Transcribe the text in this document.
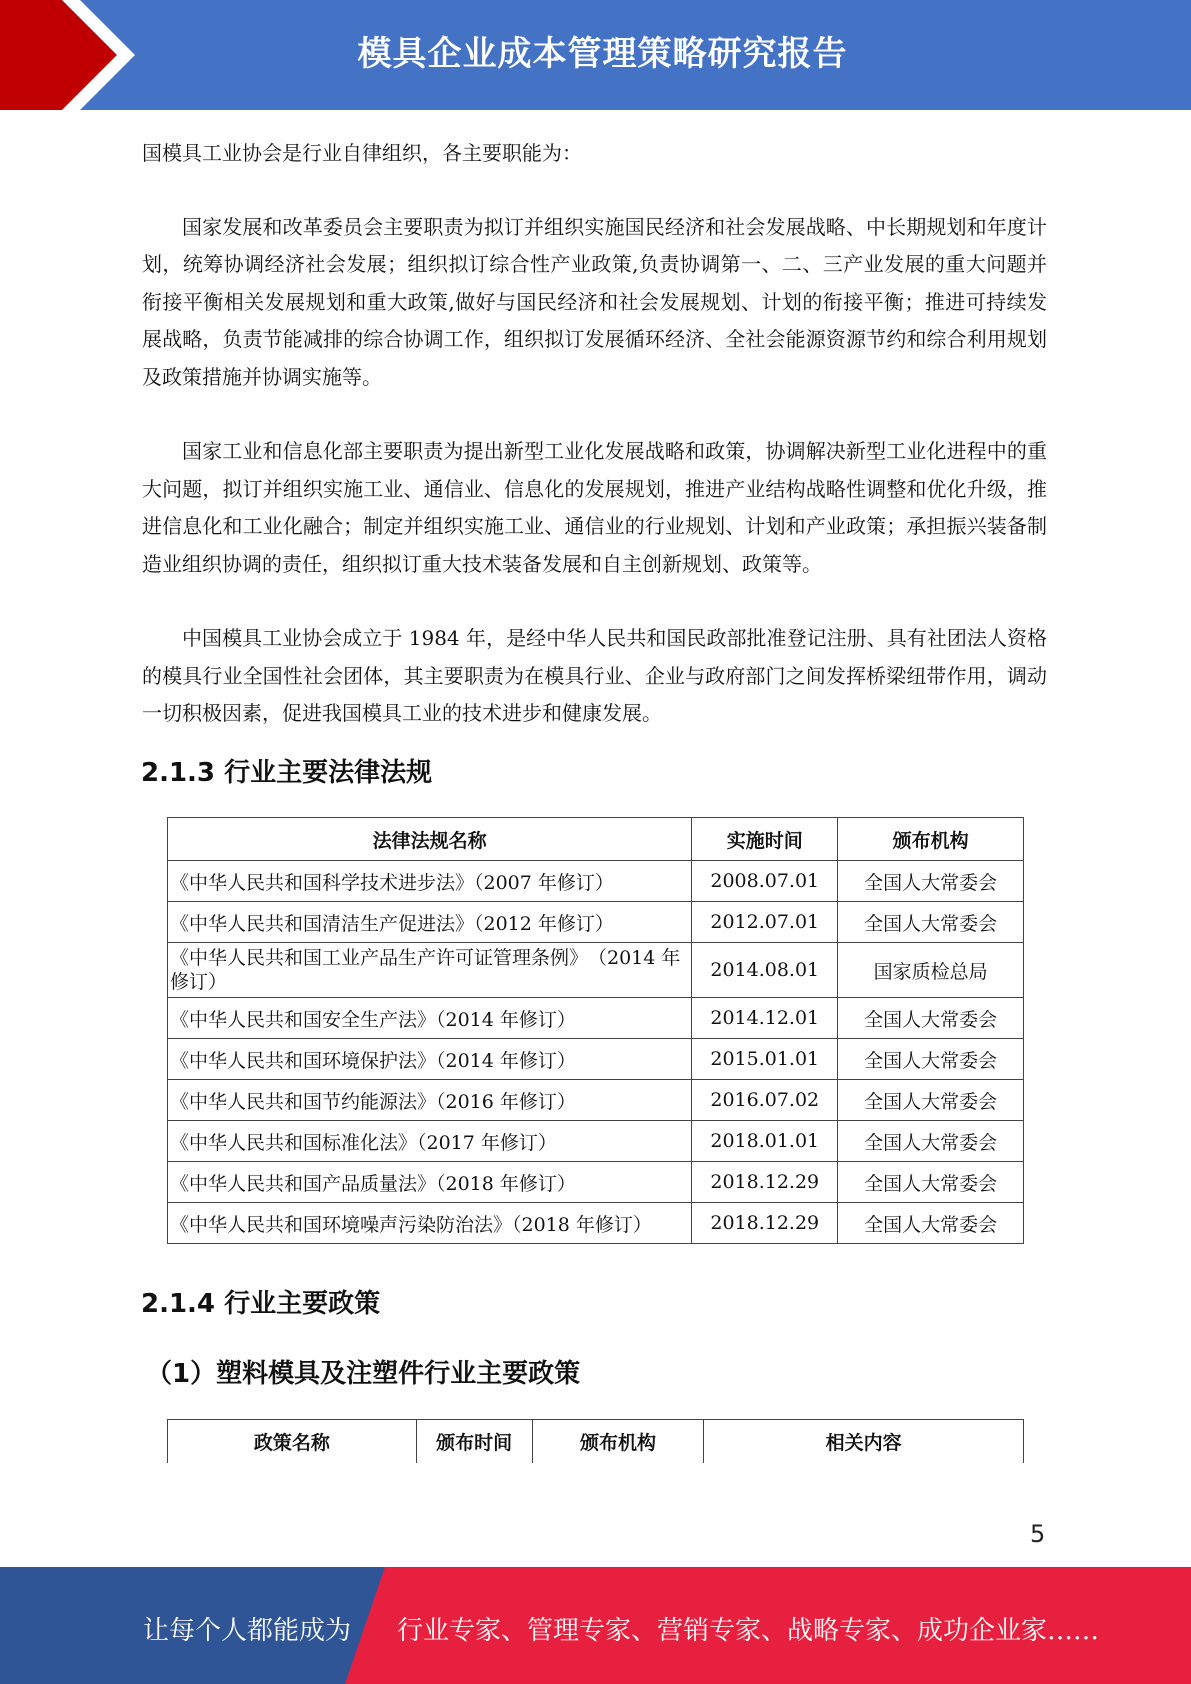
模具企业成本管理策略研究报告

国模具工业协会是行业自律组织，各主要职能为：

国家发展和改革委员会主要职责为拟订并组织实施国民经济和社会发展战略、中长期规划和年度计划，统筹协调经济社会发展；组织拟订综合性产业政策,负责协调第一、二、三产业发展的重大问题并衔接平衡相关发展规划和重大政策,做好与国民经济和社会发展规划、计划的衔接平衡；推进可持续发展战略，负责节能减排的综合协调工作，组织拟订发展循环经济、全社会能源资源节约和综合利用规划及政策措施并协调实施等。

国家工业和信息化部主要职责为提出新型工业化发展战略和政策，协调解决新型工业化进程中的重大问题，拟订并组织实施工业、通信业、信息化的发展规划，推进产业结构战略性调整和优化升级，推进信息化和工业化融合；制定并组织实施工业、通信业的行业规划、计划和产业政策；承担振兴装备制造业组织协调的责任，组织拟订重大技术装备发展和自主创新规划、政策等。

中国模具工业协会成立于 1984 年，是经中华人民共和国民政部批准登记注册、具有社团法人资格的模具行业全国性社会团体，其主要职责为在模具行业、企业与政府部门之间发挥桥梁纽带作用，调动一切积极因素，促进我国模具工业的技术进步和健康发展。

2.1.3 行业主要法律法规
法律法规名称	实施时间	颁布机构
《中华人民共和国科学技术进步法》（2007 年修订）	2008.07.01	全国人大常委会
《中华人民共和国清洁生产促进法》（2012 年修订）	2012.07.01	全国人大常委会
《中华人民共和国工业产品生产许可证管理条例》　（2014 年修订）	2014.08.01	国家质检总局
《中华人民共和国安全生产法》（2014 年修订）	2014.12.01	全国人大常委会
《中华人民共和国环境保护法》（2014 年修订）	2015.01.01	全国人大常委会
《中华人民共和国节约能源法》（2016 年修订）	2016.07.02	全国人大常委会
《中华人民共和国标准化法》（2017 年修订）	2018.01.01	全国人大常委会
《中华人民共和国产品质量法》（2018 年修订）	2018.12.29	全国人大常委会
《中华人民共和国环境噪声污染防治法》（2018 年修订）	2018.12.29	全国人大常委会
2.1.4 行业主要政策
（1）塑料模具及注塑件行业主要政策
政策名称	颁布时间	颁布机构	相关内容
5
让每个人都能成为 行业专家、管理专家、营销专家、战略专家、成功企业家……
